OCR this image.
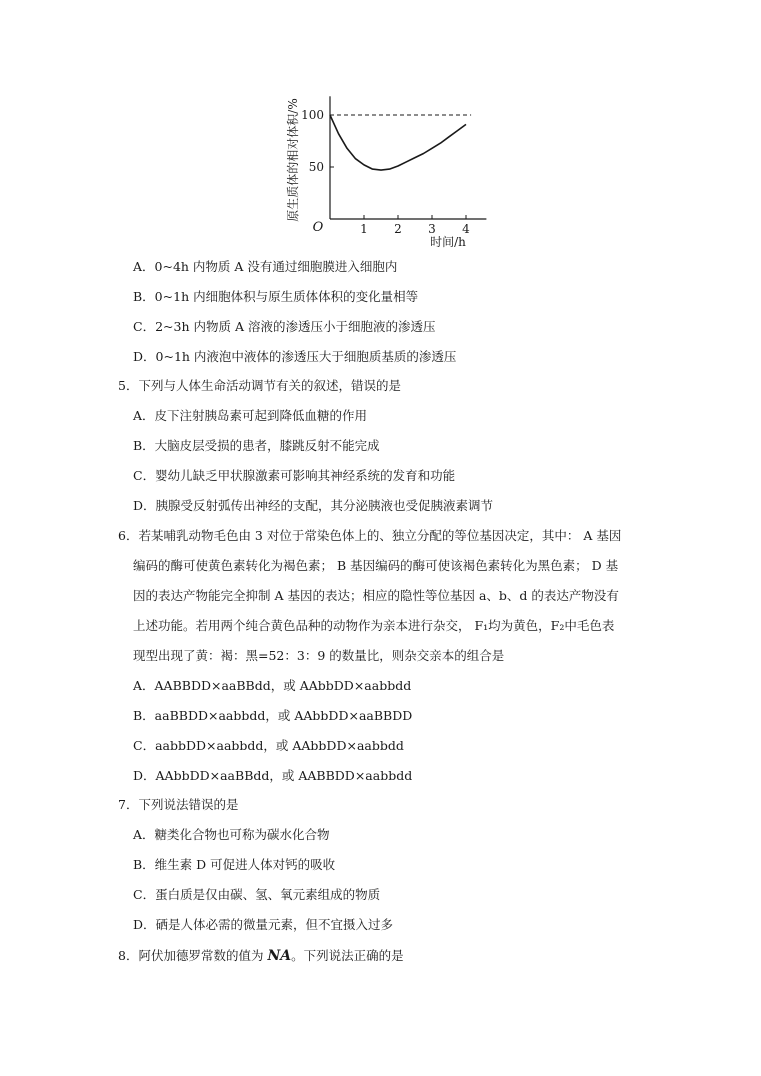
1 2 3 4
50
100
原生质体的相对体积/%
时间/h
O
A．0~4h 内物质 A 没有通过细胞膜进入细胞内
B．0~1h 内细胞体积与原生质体体积的变化量相等
C．2~3h 内物质 A 溶液的渗透压小于细胞液的渗透压
D．0~1h 内液泡中液体的渗透压大于细胞质基质的渗透压
5．下列与人体生命活动调节有关的叙述，错误的是
A．皮下注射胰岛素可起到降低血糖的作用
B．大脑皮层受损的患者，膝跳反射不能完成
C．婴幼儿缺乏甲状腺激素可影响其神经系统的发育和功能
D．胰腺受反射弧传出神经的支配，其分泌胰液也受促胰液素调节
6．若某哺乳动物毛色由 3 对位于常染色体上的、独立分配的等位基因决定，其中： A 基因
编码的酶可使黄色素转化为褐色素； B 基因编码的酶可使该褐色素转化为黑色素； D 基
因的表达产物能完全抑制 A 基因的表达；相应的隐性等位基因 a、b、d 的表达产物没有
上述功能。若用两个纯合黄色品种的动物作为亲本进行杂交， F₁均为黄色，F₂中毛色表
现型出现了黄：褐：黑=52：3：9 的数量比，则杂交亲本的组合是
A．AABBDD×aaBBdd，或 AAbbDD×aabbdd
B．aaBBDD×aabbdd，或 AAbbDD×aaBBDD
C．aabbDD×aabbdd，或 AAbbDD×aabbdd
D．AAbbDD×aaBBdd，或 AABBDD×aabbdd
7．下列说法错误的是
A．糖类化合物也可称为碳水化合物
B．维生素 D 可促进人体对钙的吸收
C．蛋白质是仅由碳、氢、氧元素组成的物质
D．硒是人体必需的微量元素，但不宜摄入过多
8．阿伏加德罗常数的值为 NA。下列说法正确的是
